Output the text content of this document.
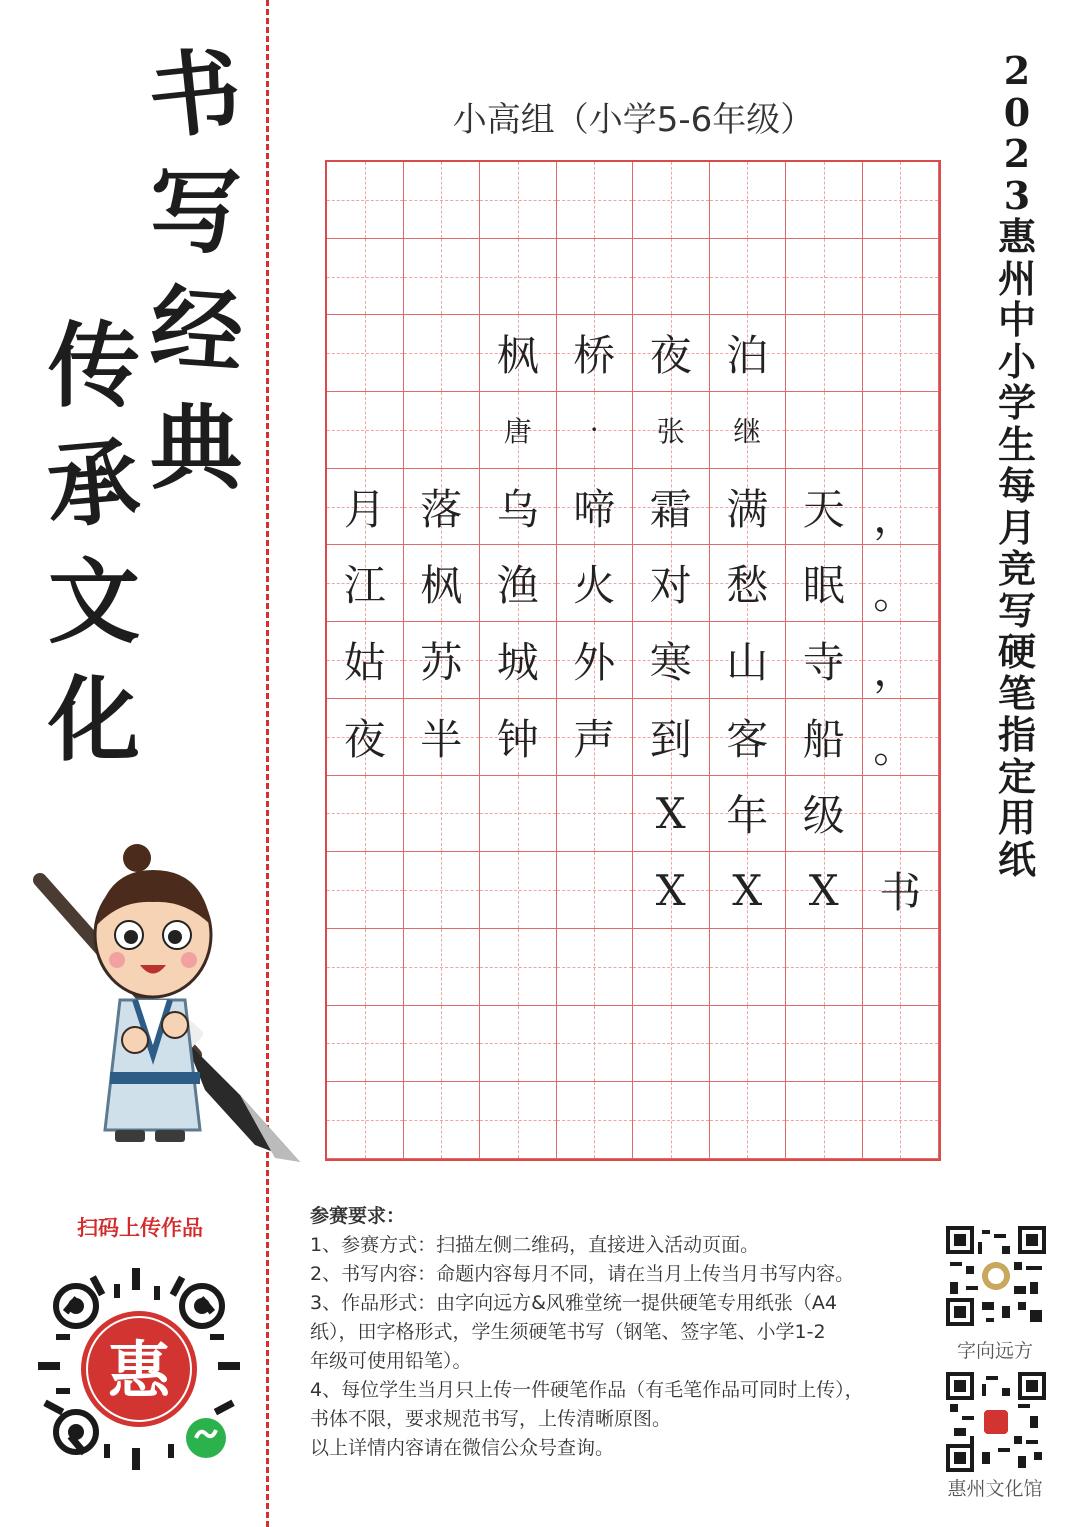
书
写
经
典
传
承
文
化
小高组（小学5-6年级）
2023惠州中小学生每月竞写硬笔指定用纸
枫 桥 夜 泊
唐 · 张 继
月 落 乌 啼 霜 满 天 ，
江 枫 渔 火 对 愁 眠 。
姑 苏 城 外 寒 山 寺 ，
夜 半 钟 声 到 客 船 。
X 年 级
X X X 书
扫码上传作品
惠
参赛要求：
1、参赛方式：扫描左侧二维码，直接进入活动页面。
2、书写内容：命题内容每月不同，请在当月上传当月书写内容。
3、作品形式：由字向远方&风雅堂统一提供硬笔专用纸张（A4
纸），田字格形式，学生须硬笔书写（钢笔、签字笔、小学1-2
年级可使用铅笔）。
4、每位学生当月只上传一件硬笔作品（有毛笔作品可同时上传），
书体不限，要求规范书写，上传清晰原图。
以上详情内容请在微信公众号查询。
字向远方
惠州文化馆
